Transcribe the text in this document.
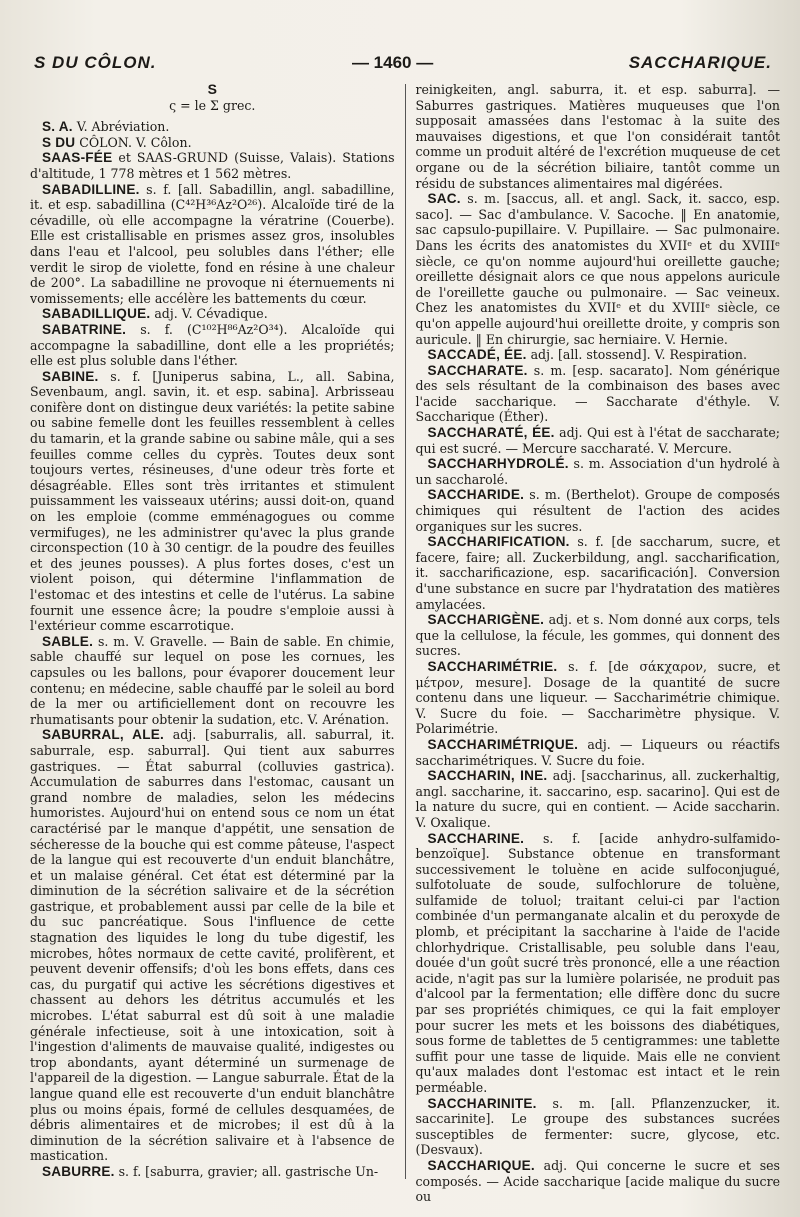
S DU CÔLON.	— 1460 —	SACCHARIQUE.

S

ς = le Σ grec.

S. A. V. Abréviation.

S DU CÔLON. V. Côlon.

SAAS-FÉE et SAAS-GRUND (Suisse, Valais). Stations d'altitude, 1 778 mètres et 1 562 mètres.

SABADILLINE. s. f. [all. Sabadillin, angl. sabadilline, it. et esp. sabadillina (C⁴²H³⁶Az²O²⁶). Alcaloïde tiré de la cévadille, où elle accompagne la vératrine (Couerbe). Elle est cristallisable en prismes assez gros, insolubles dans l'eau et l'alcool, peu solubles dans l'éther; elle verdit le sirop de violette, fond en résine à une chaleur de 200°. La sabadilline ne provoque ni éternuements ni vomissements; elle accélère les battements du cœur.

SABADILLIQUE. adj. V. Cévadique.

SABATRINE. s. f. (C¹⁰²H⁸⁶Az²O³⁴). Alcaloïde qui accompagne la sabadilline, dont elle a les propriétés; elle est plus soluble dans l'éther.

SABINE. s. f. [Juniperus sabina, L., all. Sabina, Sevenbaum, angl. savin, it. et esp. sabina]. Arbrisseau conifère dont on distingue deux variétés: la petite sabine ou sabine femelle dont les feuilles ressemblent à celles du tamarin, et la grande sabine ou sabine mâle, qui a ses feuilles comme celles du cyprès. Toutes deux sont toujours vertes, résineuses, d'une odeur très forte et désagréable. Elles sont très irritantes et stimulent puissamment les vaisseaux utérins; aussi doit-on, quand on les emploie (comme emménagogues ou comme vermifuges), ne les administrer qu'avec la plus grande circonspection (10 à 30 centigr. de la poudre des feuilles et des jeunes pousses). A plus fortes doses, c'est un violent poison, qui détermine l'inflammation de l'estomac et des intestins et celle de l'utérus. La sabine fournit une essence âcre; la poudre s'emploie aussi à l'extérieur comme escarrotique.

SABLE. s. m. V. Gravelle. — Bain de sable. En chimie, sable chauffé sur lequel on pose les cornues, les capsules ou les ballons, pour évaporer doucement leur contenu; en médecine, sable chauffé par le soleil au bord de la mer ou artificiellement dont on recouvre les rhumatisants pour obtenir la sudation, etc. V. Arénation.

SABURRAL, ALE. adj. [saburralis, all. saburral, it. saburrale, esp. saburral]. Qui tient aux saburres gastriques. — État saburral (colluvies gastrica). Accumulation de saburres dans l'estomac, causant un grand nombre de maladies, selon les médecins humoristes. Aujourd'hui on entend sous ce nom un état caractérisé par le manque d'appétit, une sensation de sécheresse de la bouche qui est comme pâteuse, l'aspect de la langue qui est recouverte d'un enduit blanchâtre, et un malaise général. Cet état est déterminé par la diminution de la sécrétion salivaire et de la sécrétion gastrique, et probablement aussi par celle de la bile et du suc pancréatique. Sous l'influence de cette stagnation des liquides le long du tube digestif, les microbes, hôtes normaux de cette cavité, prolifèrent, et peuvent devenir offensifs; d'où les bons effets, dans ces cas, du purgatif qui active les sécrétions digestives et chassent au dehors les détritus accumulés et les microbes. L'état saburral est dû soit à une maladie générale infectieuse, soit à une intoxication, soit à l'ingestion d'aliments de mauvaise qualité, indigestes ou trop abondants, ayant déterminé un surmenage de l'appareil de la digestion. — Langue saburrale. État de la langue quand elle est recouverte d'un enduit blanchâtre plus ou moins épais, formé de cellules desquamées, de débris alimentaires et de microbes; il est dû à la diminution de la sécrétion salivaire et à l'absence de mastication.

SABURRE. s. f. [saburra, gravier; all. gastrische Un-

reinigkeiten, angl. saburra, it. et esp. saburra]. — Saburres gastriques. Matières muqueuses que l'on supposait amassées dans l'estomac à la suite des mauvaises digestions, et que l'on considérait tantôt comme un produit altéré de l'excrétion muqueuse de cet organe ou de la sécrétion biliaire, tantôt comme un résidu de substances alimentaires mal digérées.

SAC. s. m. [saccus, all. et angl. Sack, it. sacco, esp. saco]. — Sac d'ambulance. V. Sacoche. ‖ En anatomie, sac capsulo-pupillaire. V. Pupillaire. — Sac pulmonaire. Dans les écrits des anatomistes du XVIIᵉ et du XVIIIᵉ siècle, ce qu'on nomme aujourd'hui oreillette gauche; oreillette désignait alors ce que nous appelons auricule de l'oreillette gauche ou pulmonaire. — Sac veineux. Chez les anatomistes du XVIIᵉ et du XVIIIᵉ siècle, ce qu'on appelle aujourd'hui oreillette droite, y compris son auricule. ‖ En chirurgie, sac herniaire. V. Hernie.

SACCADÉ, ÉE. adj. [all. stossend]. V. Respiration.

SACCHARATE. s. m. [esp. sacarato]. Nom générique des sels résultant de la combinaison des bases avec l'acide saccharique. — Saccharate d'éthyle. V. Saccharique (Éther).

SACCHARATÉ, ÉE. adj. Qui est à l'état de saccharate; qui est sucré. — Mercure saccharaté. V. Mercure.

SACCHARHYDROLÉ. s. m. Association d'un hydrolé à un saccharolé.

SACCHARIDE. s. m. (Berthelot). Groupe de composés chimiques qui résultent de l'action des acides organiques sur les sucres.

SACCHARIFICATION. s. f. [de saccharum, sucre, et facere, faire; all. Zuckerbildung, angl. saccharification, it. saccharificazione, esp. sacarificación]. Conversion d'une substance en sucre par l'hydratation des matières amylacées.

SACCHARIGÈNE. adj. et s. Nom donné aux corps, tels que la cellulose, la fécule, les gommes, qui donnent des sucres.

SACCHARIMÉTRIE. s. f. [de σάκχαρον, sucre, et μέτρον, mesure]. Dosage de la quantité de sucre contenu dans une liqueur. — Saccharimétrie chimique. V. Sucre du foie. — Saccharimètre physique. V. Polarimétrie.

SACCHARIMÉTRIQUE. adj. — Liqueurs ou réactifs saccharimétriques. V. Sucre du foie.

SACCHARIN, INE. adj. [saccharinus, all. zuckerhaltig, angl. saccharine, it. saccarino, esp. sacarino]. Qui est de la nature du sucre, qui en contient. — Acide saccharin. V. Oxalique.

SACCHARINE. s. f. [acide anhydro-sulfamido-benzoïque]. Substance obtenue en transformant successivement le toluène en acide sulfoconjugué, sulfotoluate de soude, sulfochlorure de toluène, sulfamide de toluol; traitant celui-ci par l'action combinée d'un permanganate alcalin et du peroxyde de plomb, et précipitant la saccharine à l'aide de l'acide chlorhydrique. Cristallisable, peu soluble dans l'eau, douée d'un goût sucré très prononcé, elle a une réaction acide, n'agit pas sur la lumière polarisée, ne produit pas d'alcool par la fermentation; elle diffère donc du sucre par ses propriétés chimiques, ce qui la fait employer pour sucrer les mets et les boissons des diabétiques, sous forme de tablettes de 5 centigrammes: une tablette suffit pour une tasse de liquide. Mais elle ne convient qu'aux malades dont l'estomac est intact et le rein perméable.

SACCHARINITE. s. m. [all. Pflanzenzucker, it. saccarinite]. Le groupe des substances sucrées susceptibles de fermenter: sucre, glycose, etc. (Desvaux).

SACCHARIQUE. adj. Qui concerne le sucre et ses composés. — Acide saccharique [acide malique du sucre ou
